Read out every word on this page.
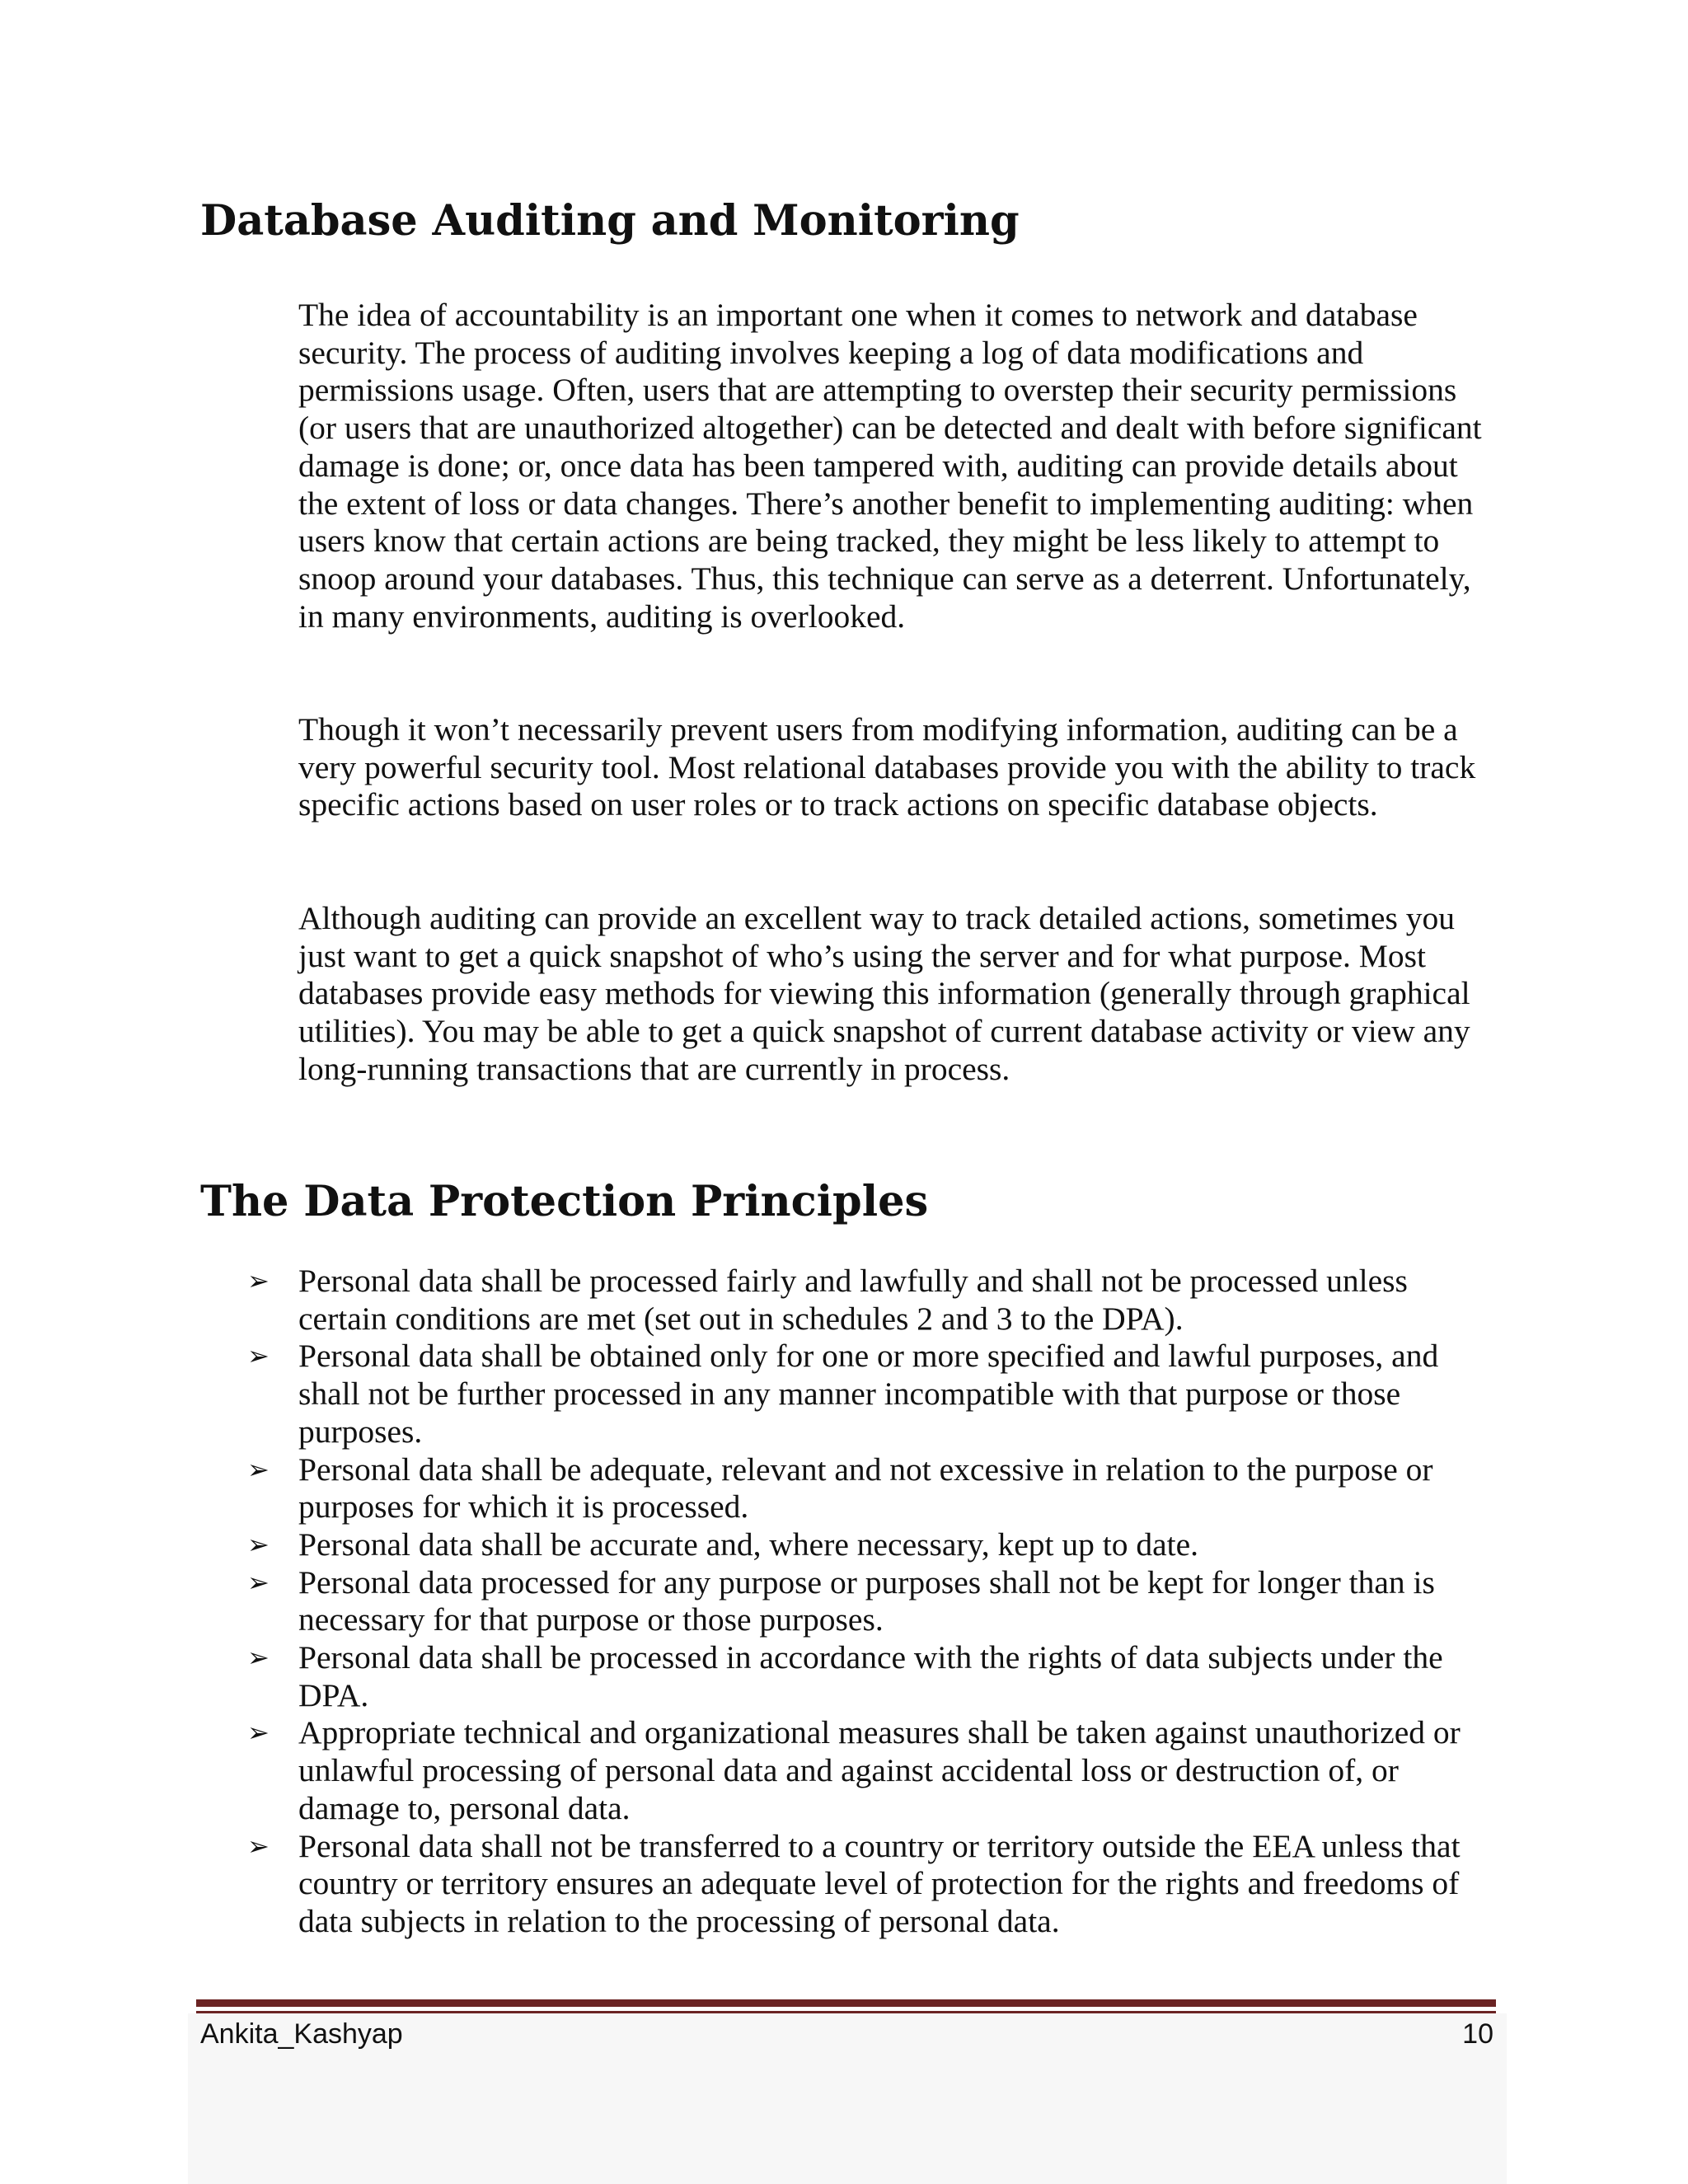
Database Auditing and Monitoring

The idea of accountability is an important one when it comes to network and database security. The process of auditing involves keeping a log of data modifications and permissions usage. Often, users that are attempting to overstep their security permissions (or users that are unauthorized altogether) can be detected and dealt with before significant damage is done; or, once data has been tampered with, auditing can provide details about the extent of loss or data changes. There’s another benefit to implementing auditing: when users know that certain actions are being tracked, they might be less likely to attempt to snoop around your databases. Thus, this technique can serve as a deterrent. Unfortunately, in many environments, auditing is overlooked.

Though it won’t necessarily prevent users from modifying information, auditing can be a very powerful security tool. Most relational databases provide you with the ability to track specific actions based on user roles or to track actions on specific database objects.

Although auditing can provide an excellent way to track detailed actions, sometimes you just want to get a quick snapshot of who’s using the server and for what purpose. Most databases provide easy methods for viewing this information (generally through graphical utilities). You may be able to get a quick snapshot of current database activity or view any long-running transactions that are currently in process.

The Data Protection Principles
➢ Personal data shall be processed fairly and lawfully and shall not be processed unless certain conditions are met (set out in schedules 2 and 3 to the DPA).
➢ Personal data shall be obtained only for one or more specified and lawful purposes, and shall not be further processed in any manner incompatible with that purpose or those purposes.
➢ Personal data shall be adequate, relevant and not excessive in relation to the purpose or purposes for which it is processed.
➢ Personal data shall be accurate and, where necessary, kept up to date.
➢ Personal data processed for any purpose or purposes shall not be kept for longer than is necessary for that purpose or those purposes.
➢ Personal data shall be processed in accordance with the rights of data subjects under the DPA.
➢ Appropriate technical and organizational measures shall be taken against unauthorized or unlawful processing of personal data and against accidental loss or destruction of, or damage to, personal data.
➢ Personal data shall not be transferred to a country or territory outside the EEA unless that country or territory ensures an adequate level of protection for the rights and freedoms of data subjects in relation to the processing of personal data.
Ankita_Kashyap	10
